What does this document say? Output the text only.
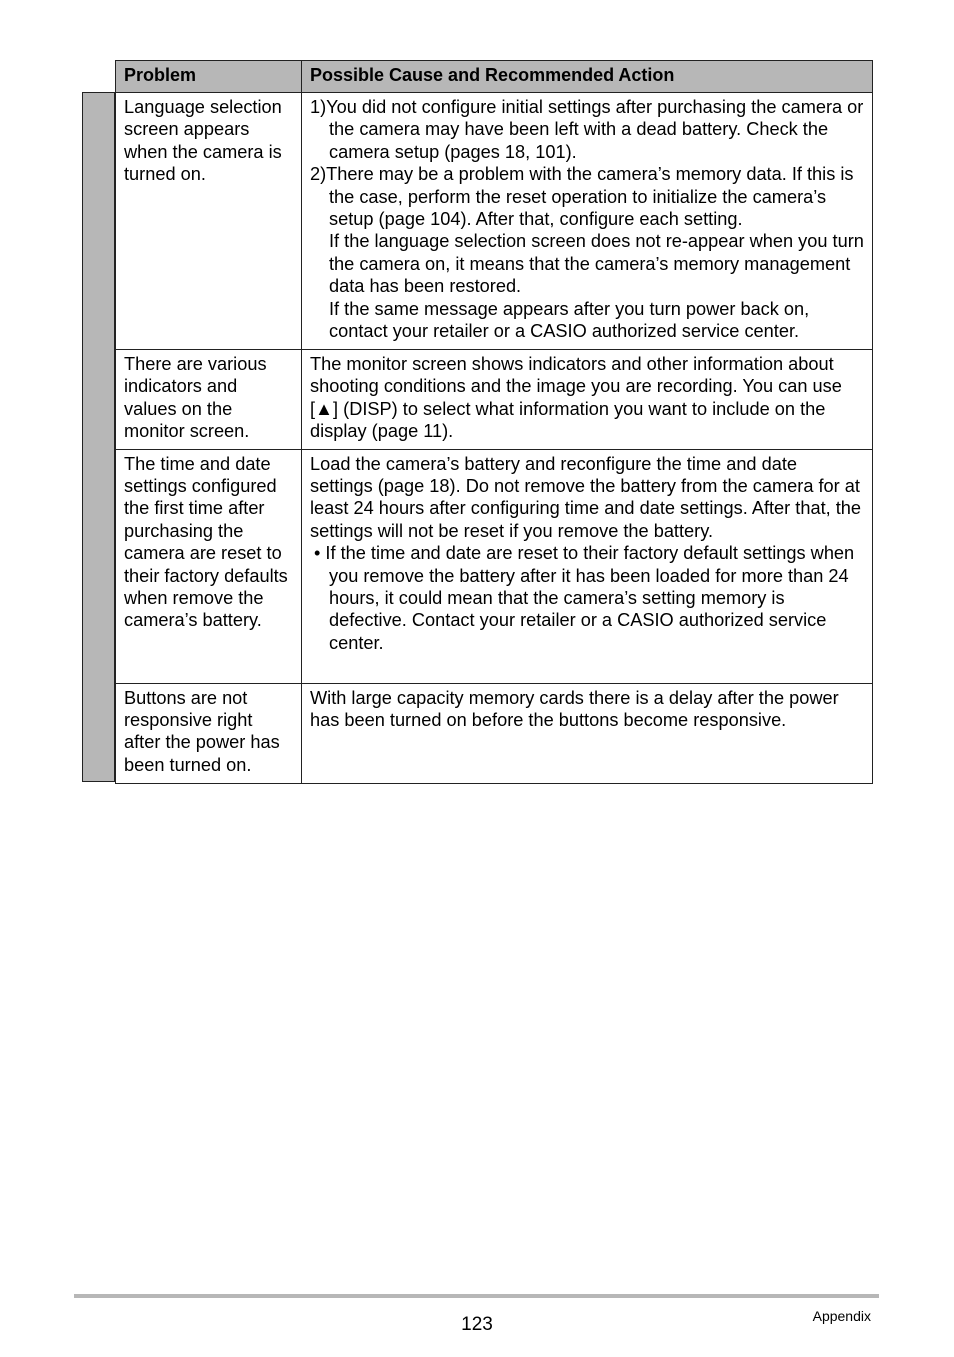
Problem	Possible Cause and Recommended Action
Language selection screen appears when the camera is turned on.	1)You did not configure initial settings after purchasing the camera or the camera may have been left with a dead battery. Check the camera setup (pages 18, 101).
2)There may be a problem with the camera’s memory data. If this is the case, perform the reset operation to initialize the camera’s setup (page 104). After that, configure each setting.
If the language selection screen does not re-appear when you turn the camera on, it means that the camera’s memory management data has been restored.
If the same message appears after you turn power back on, contact your retailer or a CASIO authorized service center.

There are various indicators and values on the monitor screen.	The monitor screen shows indicators and other information about shooting conditions and the image you are recording. You can use [▲] (DISP) to select what information you want to include on the display (page 11).

The time and date settings configured the first time after purchasing the camera are reset to their factory defaults when remove the camera’s battery.	Load the camera’s battery and reconfigure the time and date settings (page 18). Do not remove the battery from the camera for at least 24 hours after configuring time and date settings. After that, the settings will not be reset if you remove the battery.
• If the time and date are reset to their factory default settings when you remove the battery after it has been loaded for more than 24 hours, it could mean that the camera’s setting memory is defective. Contact your retailer or a CASIO authorized service center.

Buttons are not responsive right after the power has been turned on.	With large capacity memory cards there is a delay after the power has been turned on before the buttons become responsive.
123	Appendix
